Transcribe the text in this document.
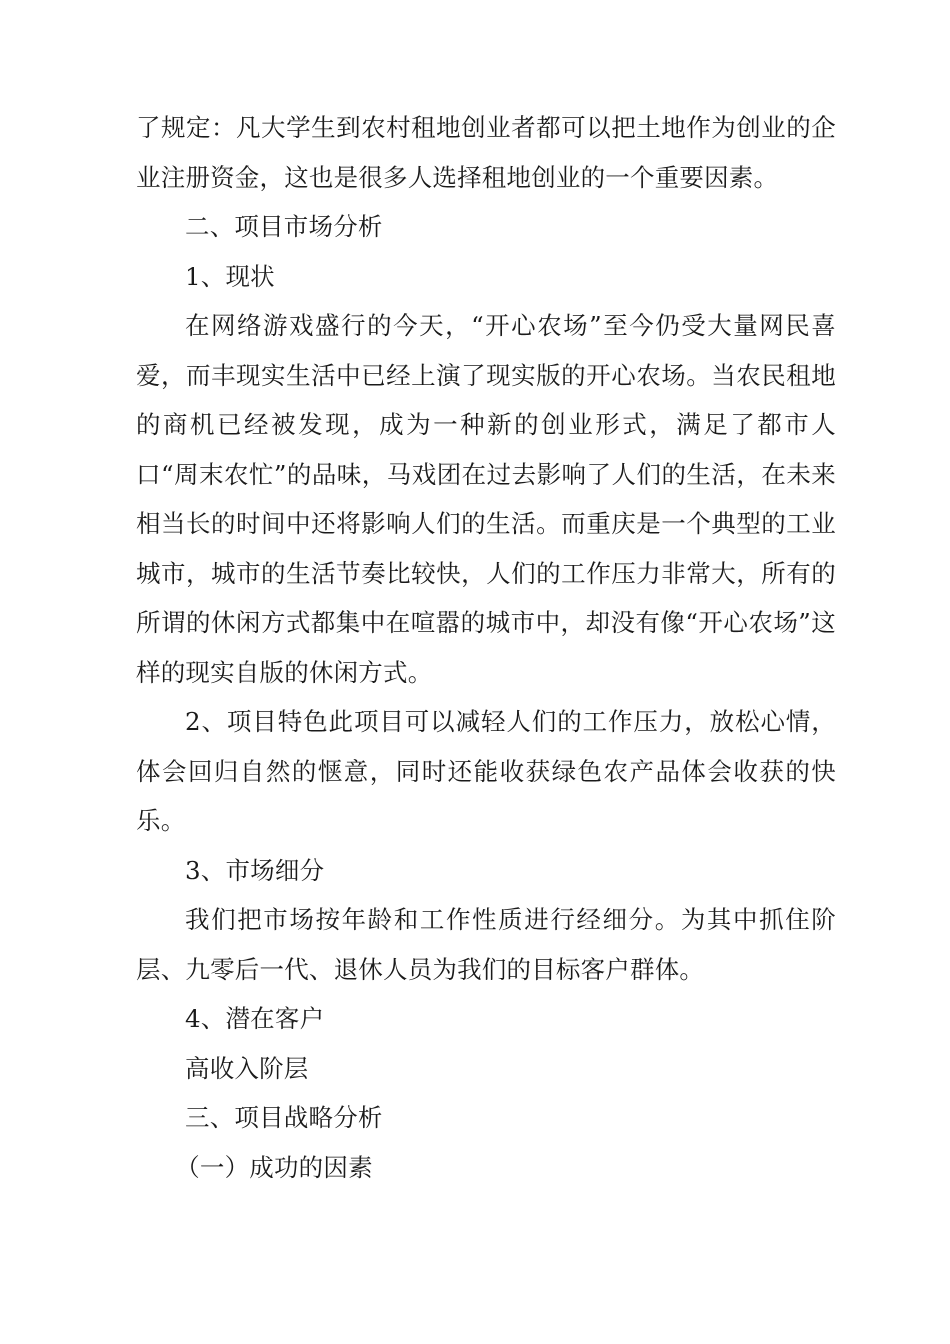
了规定：凡大学生到农村租地创业者都可以把土地作为创业的企业注册资金，这也是很多人选择租地创业的一个重要因素。

二、项目市场分析

1、现状

在网络游戏盛行的今天，“开心农场”至今仍受大量网民喜爱，而丰现实生活中已经上演了现实版的开心农场。当农民租地的商机已经被发现，成为一种新的创业形式，满足了都市人口“周末农忙”的品味，马戏团在过去影响了人们的生活，在未来相当长的时间中还将影响人们的生活。而重庆是一个典型的工业城市，城市的生活节奏比较快，人们的工作压力非常大，所有的所谓的休闲方式都集中在喧嚣的城市中，却没有像“开心农场”这样的现实自版的休闲方式。

2、项目特色此项目可以减轻人们的工作压力，放松心情，体会回归自然的惬意，同时还能收获绿色农产品体会收获的快乐。

3、市场细分

我们把市场按年龄和工作性质进行经细分。为其中抓住阶层、九零后一代、退休人员为我们的目标客户群体。

4、潜在客户

高收入阶层

三、项目战略分析

（一）成功的因素
